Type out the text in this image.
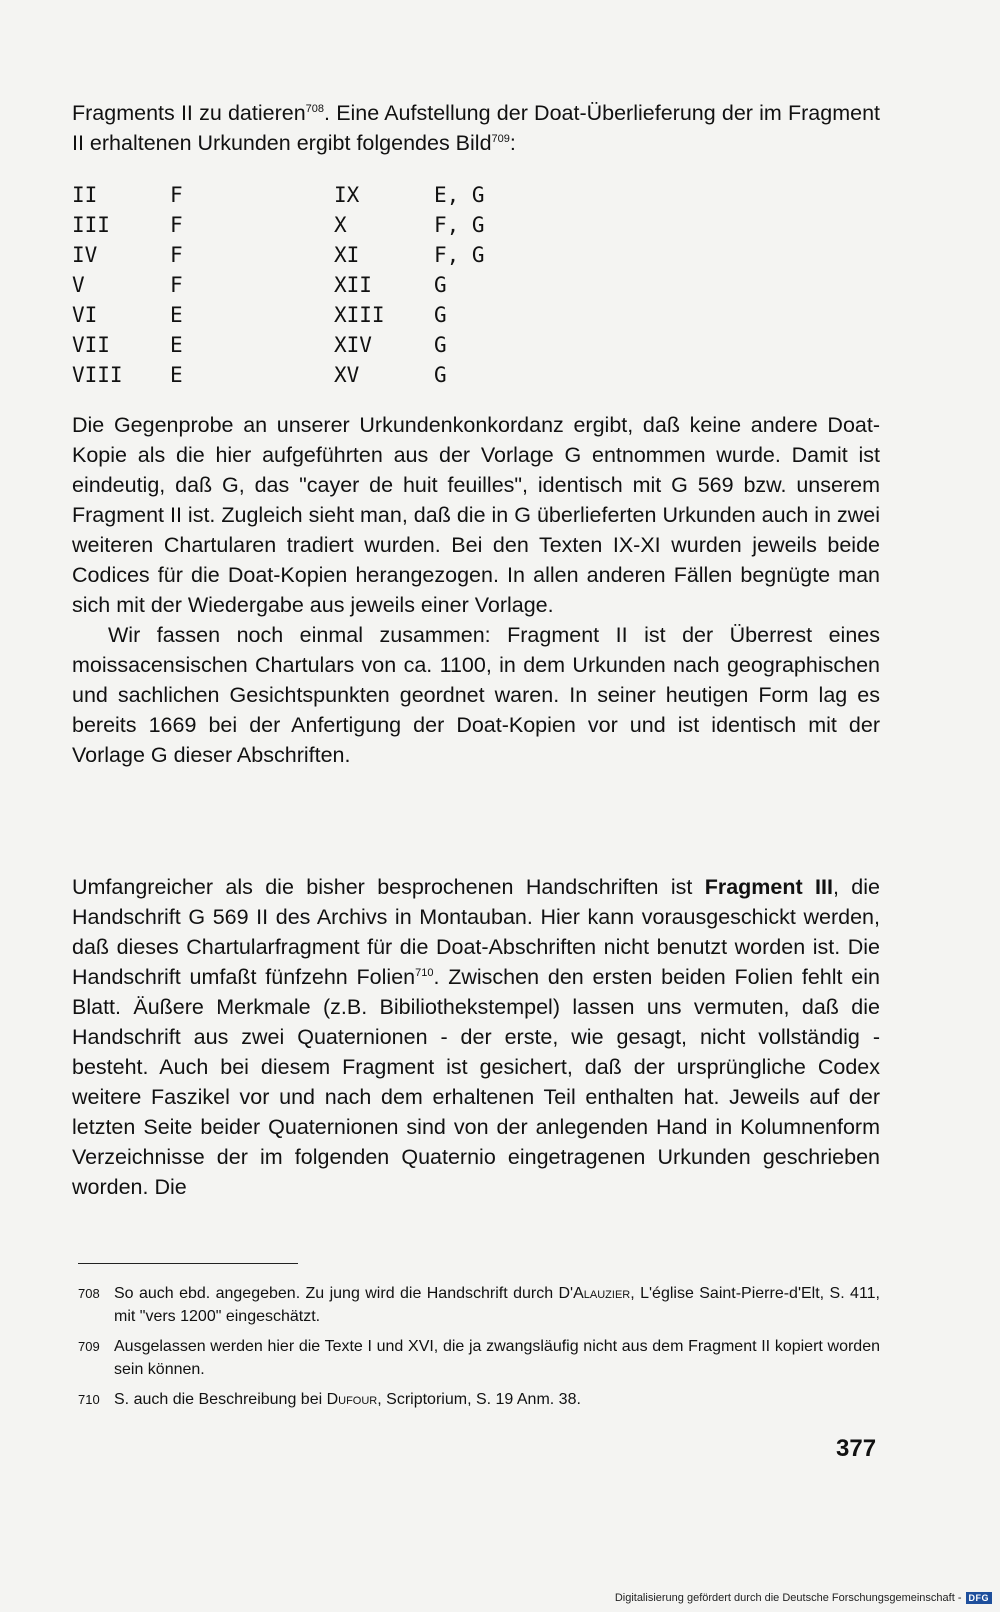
Fragments II zu datieren$^{708}$. Eine Aufstellung der Doat-Überlieferung der im Fragment II erhaltenen Urkunden ergibt folgendes Bild$^{709}$:

II	F	IX	E, G

III	F	X	F, G

IV	F	XI	F, G

V	F	XII	G

VI	E	XIII G

VII	E	XIV	G

VIII E	XV	G

Die Gegenprobe an unserer Urkundenkonkordanz ergibt, daß keine andere Doat-Kopie als die hier aufgeführten aus der Vorlage G entnommen wurde. Damit ist eindeutig, daß G, das "cayer de huit feuilles", identisch mit G 569 bzw. unserem Fragment II ist. Zugleich sieht man, daß die in G überlieferten Urkunden auch in zwei weiteren Chartularen tradiert wurden. Bei den Texten IX-XI wurden jeweils beide Codices für die Doat-Kopien herangezogen. In allen anderen Fällen begnügte man sich mit der Wiedergabe aus jeweils einer Vorlage.
Wir fassen noch einmal zusammen: Fragment II ist der Überrest eines moissacensischen Chartulars von ca. 1100, in dem Urkunden nach geographischen und sachlichen Gesichtspunkten geordnet waren. In seiner heutigen Form lag es bereits 1669 bei der Anfertigung der Doat-Kopien vor und ist identisch mit der Vorlage G dieser Abschriften.
Umfangreicher als die bisher besprochenen Handschriften ist Fragment III, die Handschrift G 569 II des Archivs in Montauban. Hier kann vorausgeschickt werden, daß dieses Chartularfragment für die Doat-Abschriften nicht benutzt worden ist. Die Handschrift umfaßt fünfzehn Folien$^{710}$. Zwischen den ersten beiden Folien fehlt ein Blatt. Äußere Merkmale (z.B. Bibiliothekstempel) lassen uns vermuten, daß die Handschrift aus zwei Quaternionen - der erste, wie gesagt, nicht vollständig - besteht. Auch bei diesem Fragment ist gesichert, daß der ursprüngliche Codex weitere Faszikel vor und nach dem erhaltenen Teil enthalten hat. Jeweils auf der letzten Seite beider Quaternionen sind von der anlegenden Hand in Kolumnenform Verzeichnisse der im folgenden Quaternio eingetragenen Urkunden geschrieben worden. Die
708 So auch ebd. angegeben. Zu jung wird die Handschrift durch D'Alauzier, L'église Saint-Pierre-d'Elt, S. 411, mit "vers 1200" eingeschätzt.
709 Ausgelassen werden hier die Texte I und XVI, die ja zwangsläufig nicht aus dem Fragment II kopiert worden sein können.
710 S. auch die Beschreibung bei Dufour, Scriptorium, S. 19 Anm. 38.
377
Digitalisierung gefördert durch die Deutsche Forschungsgemeinschaft - DFG
